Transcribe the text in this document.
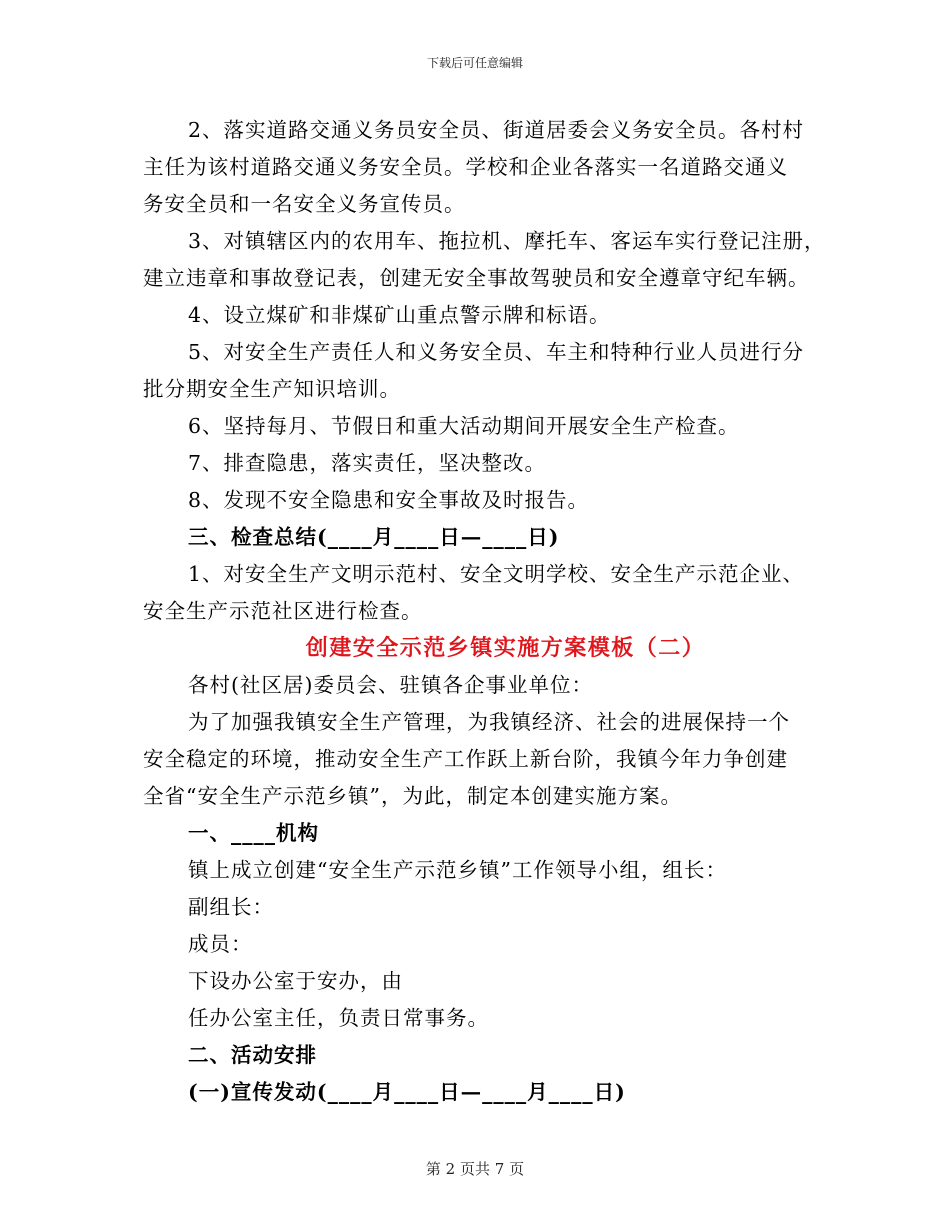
下载后可任意编辑
2、落实道路交通义务员安全员、街道居委会义务安全员。各村村
主任为该村道路交通义务安全员。学校和企业各落实一名道路交通义
务安全员和一名安全义务宣传员。
3、对镇辖区内的农用车、拖拉机、摩托车、客运车实行登记注册，
建立违章和事故登记表，创建无安全事故驾驶员和安全遵章守纪车辆。
4、设立煤矿和非煤矿山重点警示牌和标语。
5、对安全生产责任人和义务安全员、车主和特种行业人员进行分
批分期安全生产知识培训。
6、坚持每月、节假日和重大活动期间开展安全生产检查。
7、排查隐患，落实责任，坚决整改。
8、发现不安全隐患和安全事故及时报告。
三、检查总结(____月____日—____日)
1、对安全生产文明示范村、安全文明学校、安全生产示范企业、
安全生产示范社区进行检查。
创建安全示范乡镇实施方案模板（二）
各村(社区居)委员会、驻镇各企事业单位：
为了加强我镇安全生产管理，为我镇经济、社会的进展保持一个
安全稳定的环境，推动安全生产工作跃上新台阶，我镇今年力争创建
全省“安全生产示范乡镇”，为此，制定本创建实施方案。
一、____机构
镇上成立创建“安全生产示范乡镇”工作领导小组，组长：
副组长：
成员：
下设办公室于安办，由
任办公室主任，负责日常事务。
二、活动安排
(一)宣传发动(____月____日—____月____日)
第 2 页共 7 页
